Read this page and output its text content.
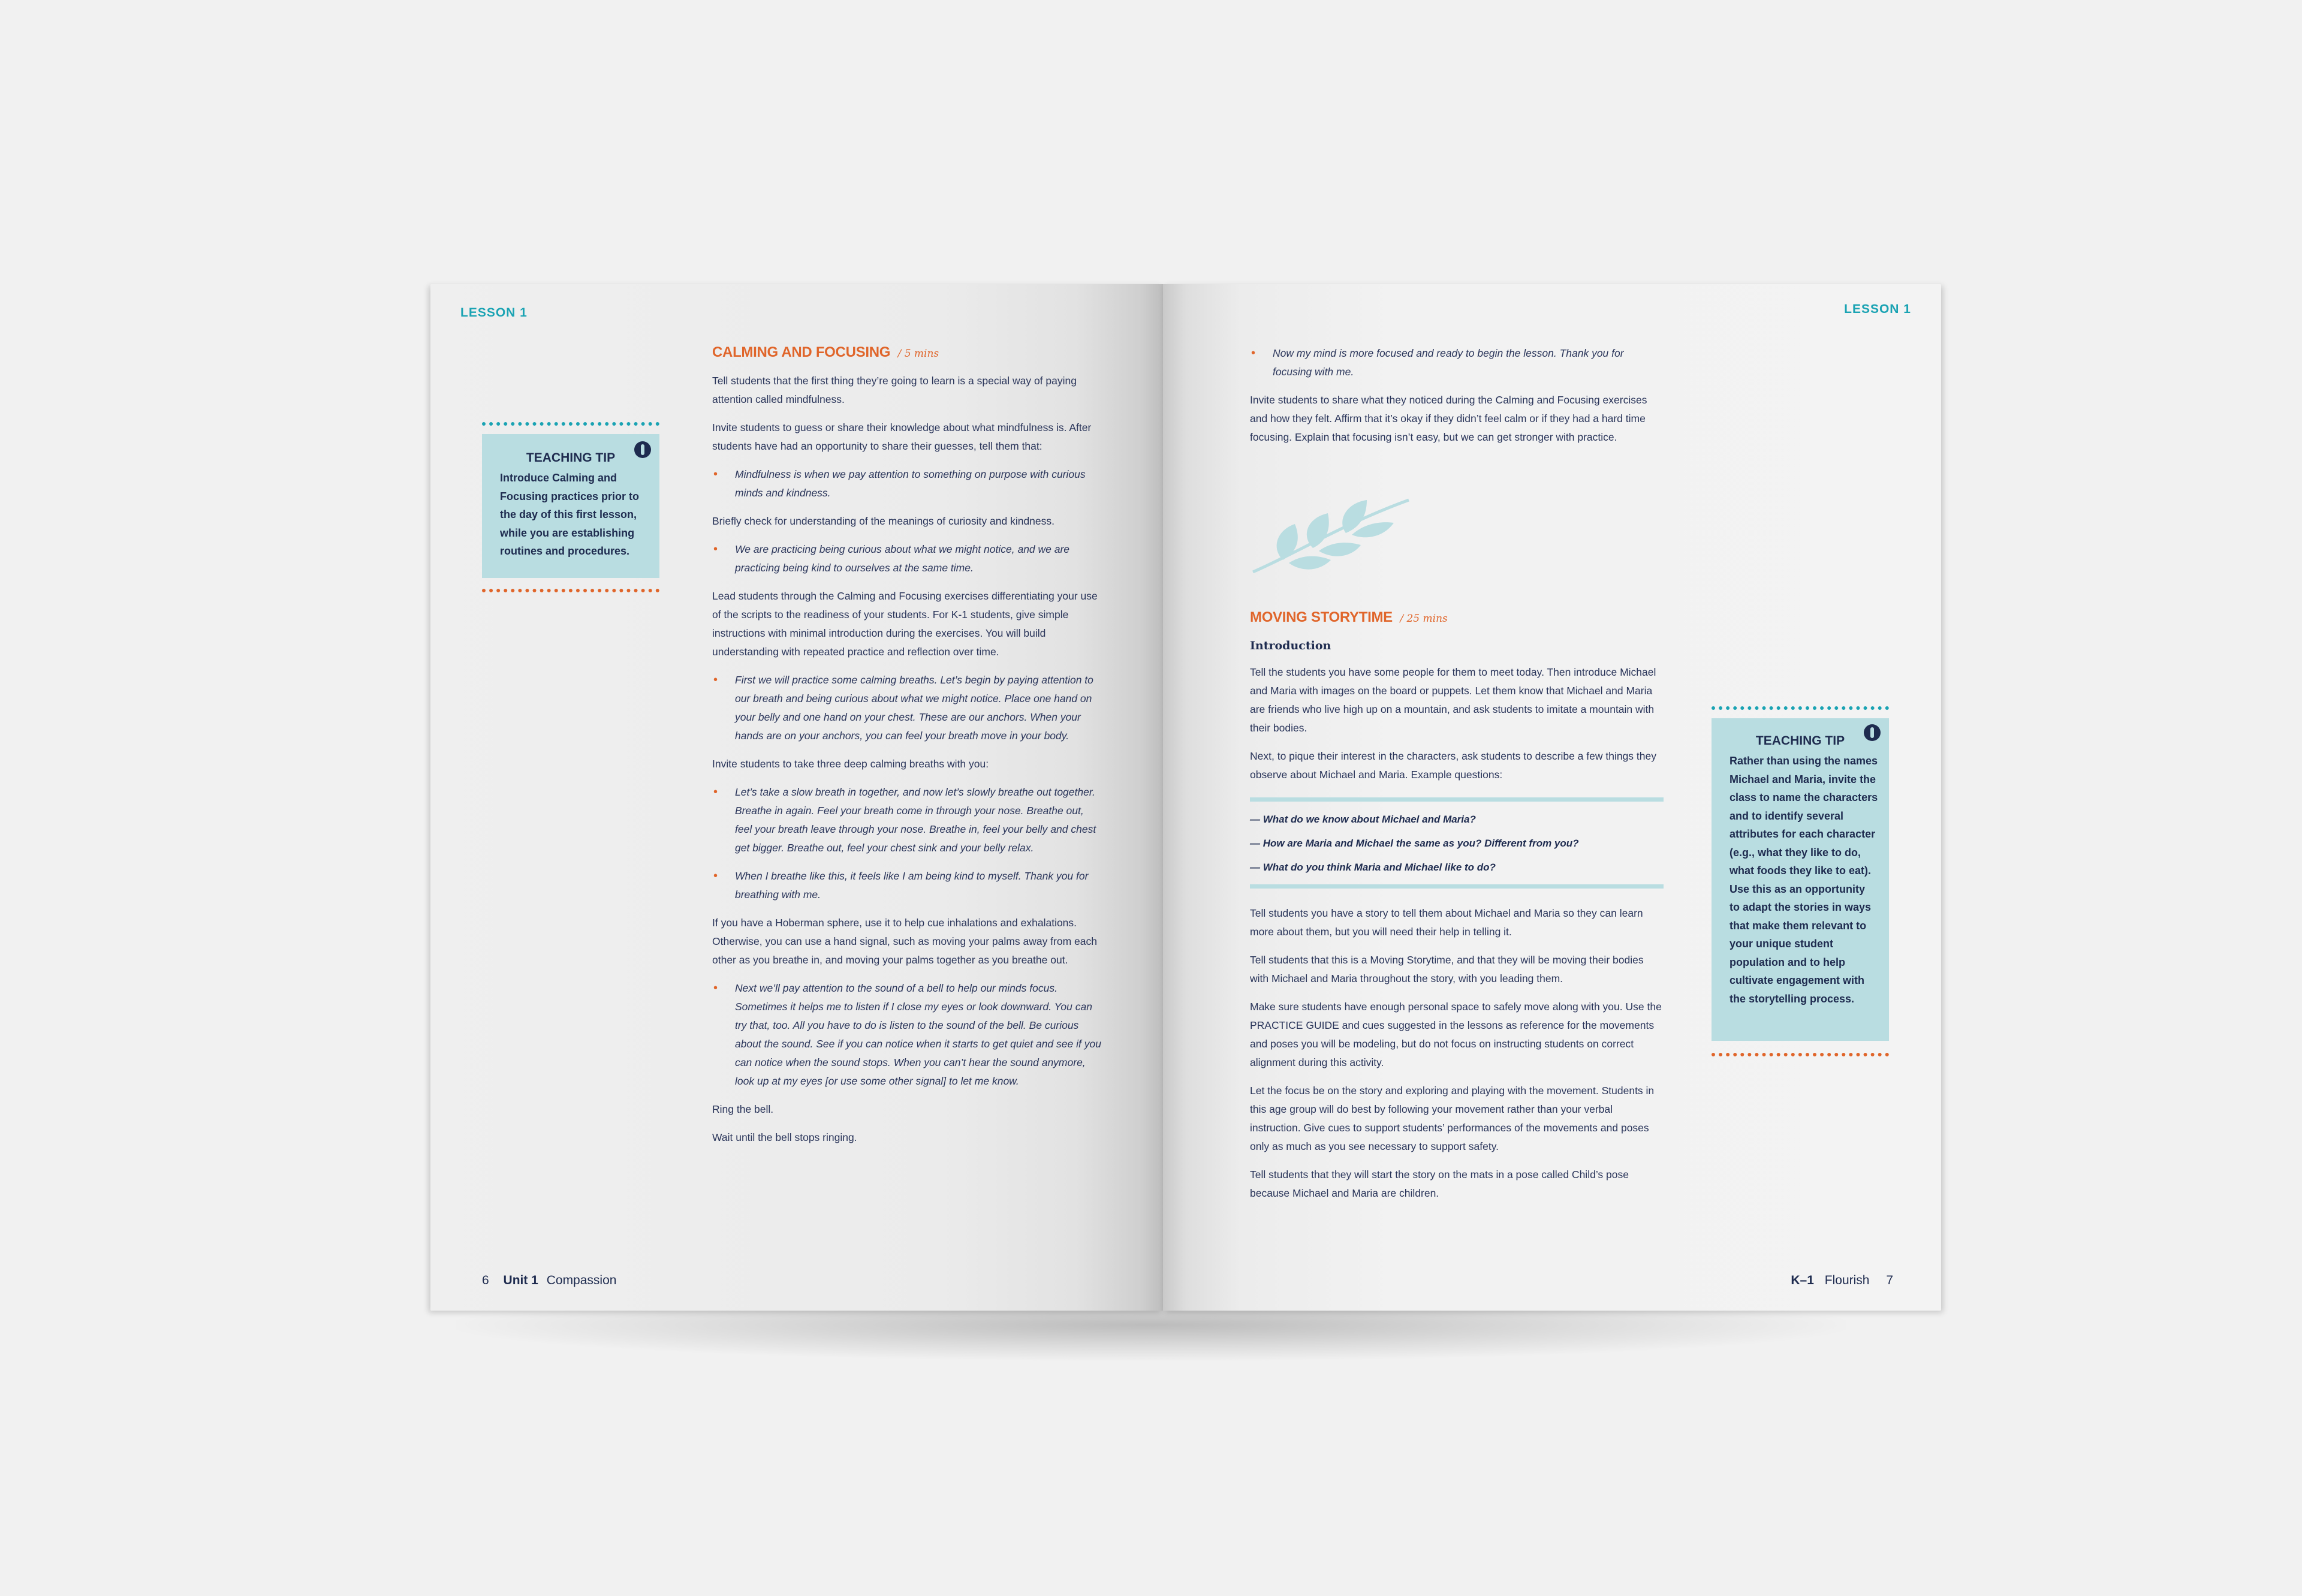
LESSON 1
TEACHING TIP
Introduce Calming and Focusing practices prior to the day of this first lesson, while you are establishing routines and procedures.
CALMING AND FOCUSING / 5 mins

Tell students that the first thing they’re going to learn is a special way of paying attention called mindfulness.

Invite students to guess or share their knowledge about what mindfulness is. After students have had an opportunity to share their guesses, tell them that:

• Mindfulness is when we pay attention to something on purpose with curious minds and kindness.

Briefly check for understanding of the meanings of curiosity and kindness.

• We are practicing being curious about what we might notice, and we are practicing being kind to ourselves at the same time.

Lead students through the Calming and Focusing exercises differentiating your use of the scripts to the readiness of your students. For K-1 students, give simple instructions with minimal introduction during the exercises. You will build understanding with repeated practice and reflection over time.

• First we will practice some calming breaths. Let’s begin by paying attention to our breath and being curious about what we might notice. Place one hand on your belly and one hand on your chest. These are our anchors. When your hands are on your anchors, you can feel your breath move in your body.

Invite students to take three deep calming breaths with you:

• Let’s take a slow breath in together, and now let’s slowly breathe out together. Breathe in again. Feel your breath come in through your nose. Breathe out, feel your breath leave through your nose. Breathe in, feel your belly and chest get bigger. Breathe out, feel your chest sink and your belly relax.

• When I breathe like this, it feels like I am being kind to myself. Thank you for breathing with me.

If you have a Hoberman sphere, use it to help cue inhalations and exhalations. Otherwise, you can use a hand signal, such as moving your palms away from each other as you breathe in, and moving your palms together as you breathe out.

• Next we’ll pay attention to the sound of a bell to help our minds focus. Sometimes it helps me to listen if I close my eyes or look downward. You can try that, too. All you have to do is listen to the sound of the bell. Be curious about the sound. See if you can notice when it starts to get quiet and see if you can notice when the sound stops. When you can’t hear the sound anymore, look up at my eyes [or use some other signal] to let me know.

Ring the bell.

Wait until the bell stops ringing.

6 Unit 1 Compassion
LESSON 1

• Now my mind is more focused and ready to begin the lesson. Thank you for focusing with me.

Invite students to share what they noticed during the Calming and Focusing exercises and how they felt. Affirm that it’s okay if they didn’t feel calm or if they had a hard time focusing. Explain that focusing isn’t easy, but we can get stronger with practice.

MOVING STORYTIME / 25 mins
Introduction

Tell the students you have some people for them to meet today. Then introduce Michael and Maria with images on the board or puppets. Let them know that Michael and Maria are friends who live high up on a mountain, and ask students to imitate a mountain with their bodies.

Next, to pique their interest in the characters, ask students to describe a few things they observe about Michael and Maria. Example questions:

— What do we know about Michael and Maria?
— How are Maria and Michael the same as you? Different from you?
— What do you think Maria and Michael like to do?

Tell students you have a story to tell them about Michael and Maria so they can learn more about them, but you will need their help in telling it.

Tell students that this is a Moving Storytime, and that they will be moving their bodies with Michael and Maria throughout the story, with you leading them.

Make sure students have enough personal space to safely move along with you. Use the PRACTICE GUIDE and cues suggested in the lessons as reference for the movements and poses you will be modeling, but do not focus on instructing students on correct alignment during this activity.

Let the focus be on the story and exploring and playing with the movement. Students in this age group will do best by following your movement rather than your verbal instruction. Give cues to support students’ performances of the movements and poses only as much as you see necessary to support safety.

Tell students that they will start the story on the mats in a pose called Child’s pose because Michael and Maria are children.

TEACHING TIP
Rather than using the names Michael and Maria, invite the class to name the characters and to identify several attributes for each character (e.g., what they like to do, what foods they like to eat). Use this as an opportunity to adapt the stories in ways that make them relevant to your unique student population and to help cultivate engagement with the storytelling process.
K–1 Flourish 7
